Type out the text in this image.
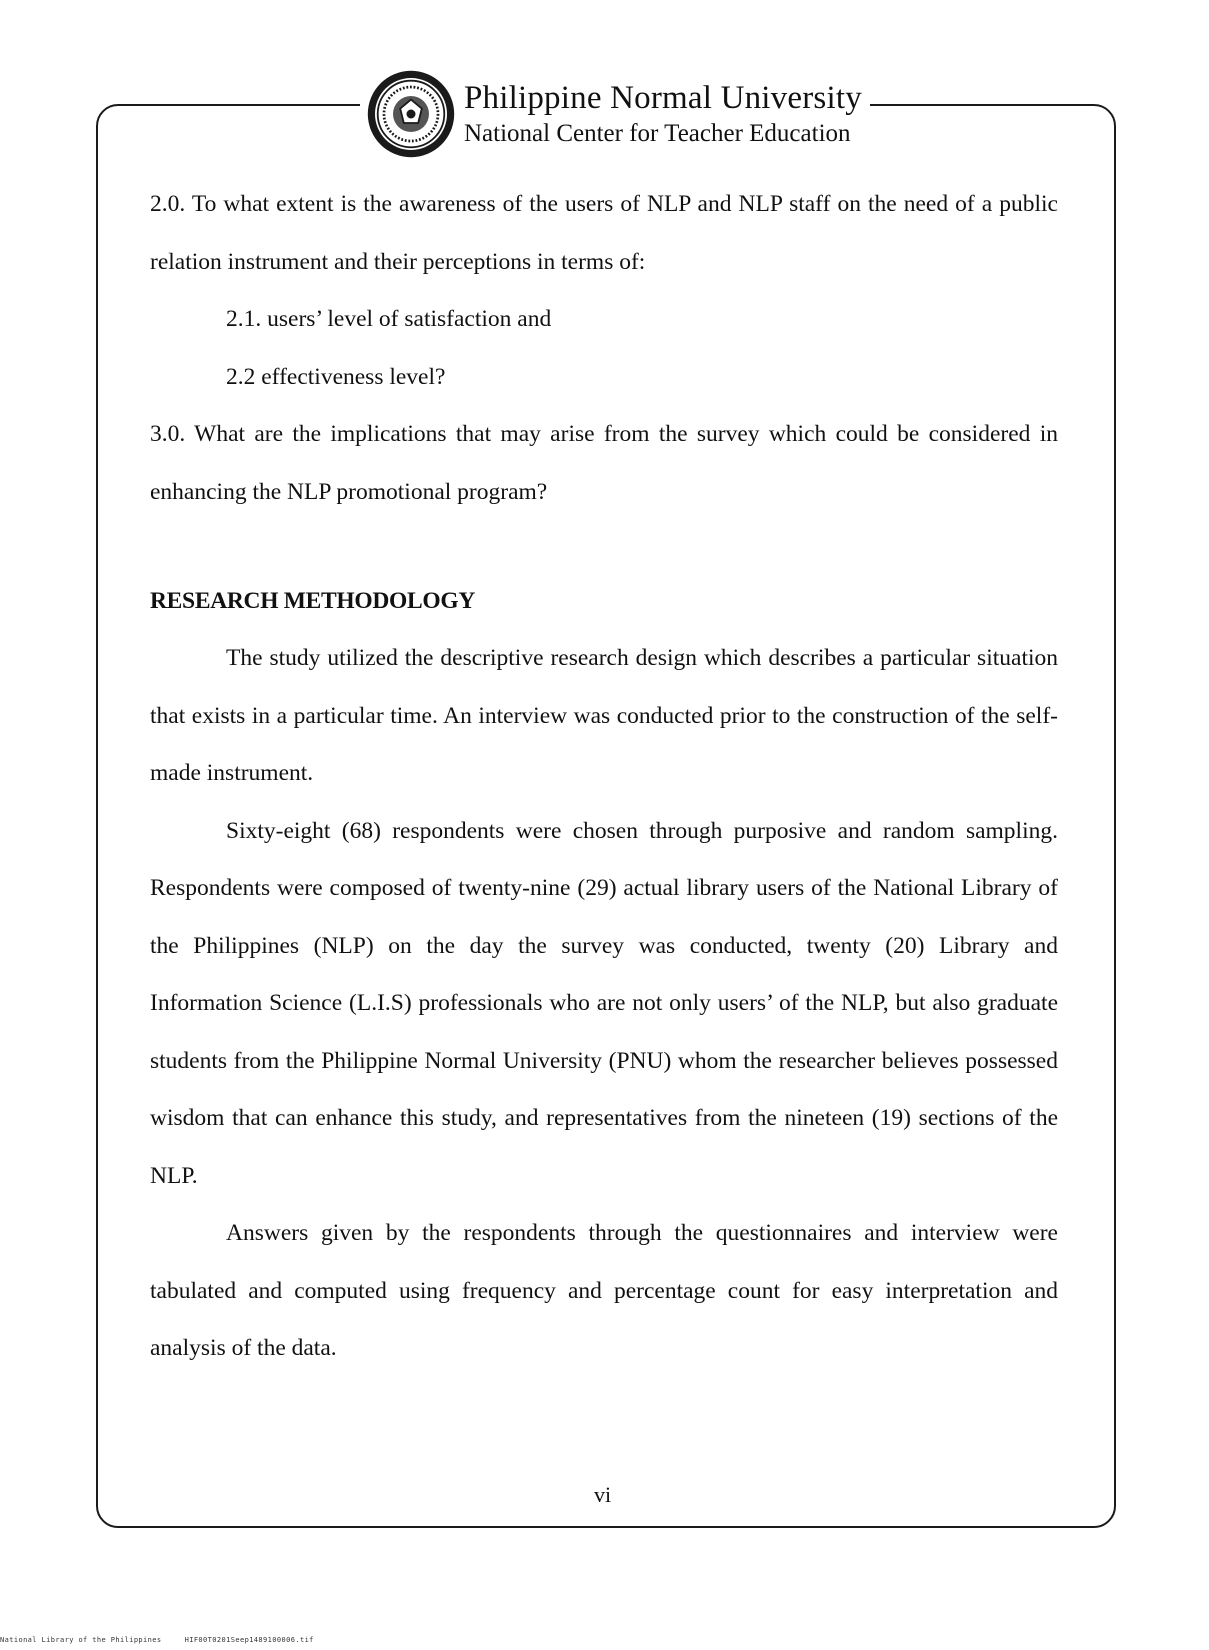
Philippine Normal University
National Center for Teacher Education

2.0. To what extent is the awareness of the users of NLP and NLP staff on the need of a public relation instrument and their perceptions in terms of:

2.1. users’ level of satisfaction and

2.2 effectiveness level?

3.0. What are the implications that may arise from the survey which could be considered in enhancing the NLP promotional program?

RESEARCH METHODOLOGY

The study utilized the descriptive research design which describes a particular situation that exists in a particular time. An interview was conducted prior to the construction of the self- made instrument.

Sixty-eight (68) respondents were chosen through purposive and random sampling. Respondents were composed of twenty-nine (29) actual library users of the National Library of the Philippines (NLP) on the day the survey was conducted, twenty (20) Library and Information Science (L.I.S) professionals who are not only users’ of the NLP, but also graduate students from the Philippine Normal University (PNU) whom the researcher believes possessed wisdom that can enhance this study, and representatives from the nineteen (19) sections of the NLP.

Answers given by the respondents through the questionnaires and interview were tabulated and computed using frequency and percentage count for easy interpretation and analysis of the data.

vi
National Library of the Philippines	HIF00T0201Seep1489100006.tif
